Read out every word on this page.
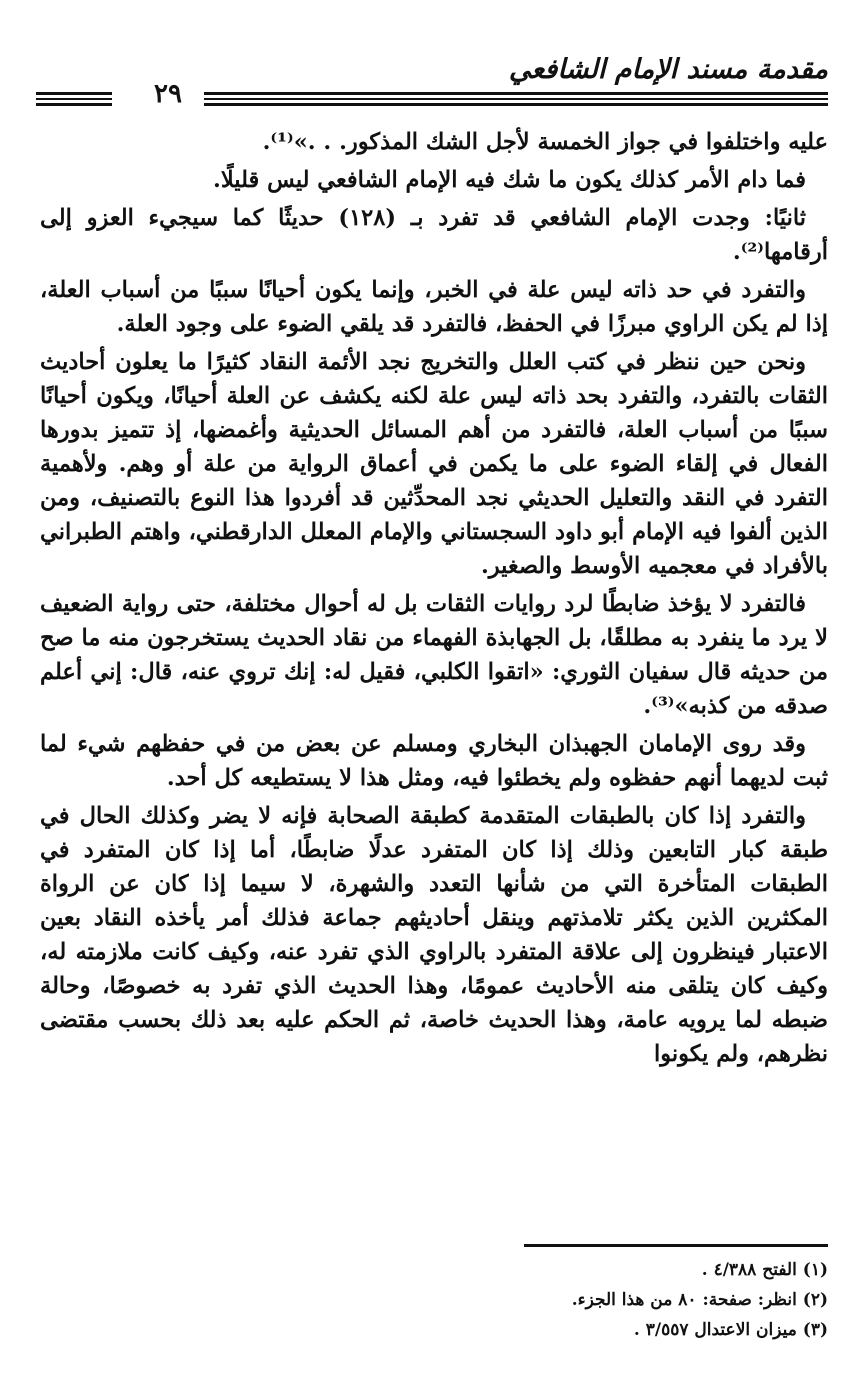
مقدمة مسند الإمام الشافعي
٢٩

عليه واختلفوا في جواز الخمسة لأجل الشك المذكور. . .»⁽¹⁾.

فما دام الأمر كذلك يكون ما شك فيه الإمام الشافعي ليس قليلًا.

ثانيًا: وجدت الإمام الشافعي قد تفرد بـ (١٢٨) حديثًا كما سيجيء العزو إلى أرقامها⁽²⁾.

والتفرد في حد ذاته ليس علة في الخبر، وإنما يكون أحيانًا سببًا من أسباب العلة، إذا لم يكن الراوي مبرزًا في الحفظ، فالتفرد قد يلقي الضوء على وجود العلة.

ونحن حين ننظر في كتب العلل والتخريج نجد الأئمة النقاد كثيرًا ما يعلون أحاديث الثقات بالتفرد، والتفرد بحد ذاته ليس علة لكنه يكشف عن العلة أحيانًا، ويكون أحيانًا سببًا من أسباب العلة، فالتفرد من أهم المسائل الحديثية وأغمضها، إذ تتميز بدورها الفعال في إلقاء الضوء على ما يكمن في أعماق الرواية من علة أو وهم. ولأهمية التفرد في النقد والتعليل الحديثي نجد المحدِّثين قد أفردوا هذا النوع بالتصنيف، ومن الذين ألفوا فيه الإمام أبو داود السجستاني والإمام المعلل الدارقطني، واهتم الطبراني بالأفراد في معجميه الأوسط والصغير.

فالتفرد لا يؤخذ ضابطًا لرد روايات الثقات بل له أحوال مختلفة، حتى رواية الضعيف لا يرد ما ينفرد به مطلقًا، بل الجهابذة الفهماء من نقاد الحديث يستخرجون منه ما صح من حديثه قال سفيان الثوري: «اتقوا الكلبي، فقيل له: إنك تروي عنه، قال: إني أعلم صدقه من كذبه»⁽³⁾.

وقد روى الإمامان الجهبذان البخاري ومسلم عن بعض من في حفظهم شيء لما ثبت لديهما أنهم حفظوه ولم يخطئوا فيه، ومثل هذا لا يستطيعه كل أحد.

والتفرد إذا كان بالطبقات المتقدمة كطبقة الصحابة فإنه لا يضر وكذلك الحال في طبقة كبار التابعين وذلك إذا كان المتفرد عدلًا ضابطًا، أما إذا كان المتفرد في الطبقات المتأخرة التي من شأنها التعدد والشهرة، لا سيما إذا كان عن الرواة المكثرين الذين يكثر تلامذتهم وينقل أحاديثهم جماعة فذلك أمر يأخذه النقاد بعين الاعتبار فينظرون إلى علاقة المتفرد بالراوي الذي تفرد عنه، وكيف كانت ملازمته له، وكيف كان يتلقى منه الأحاديث عمومًا، وهذا الحديث الذي تفرد به خصوصًا، وحالة ضبطه لما يرويه عامة، وهذا الحديث خاصة، ثم الحكم عليه بعد ذلك بحسب مقتضى نظرهم، ولم يكونوا

(١) الفتح ٤/٣٨٨ .
(٢) انظر: صفحة: ٨٠ من هذا الجزء.
(٣) ميزان الاعتدال ٣/٥٥٧ .
